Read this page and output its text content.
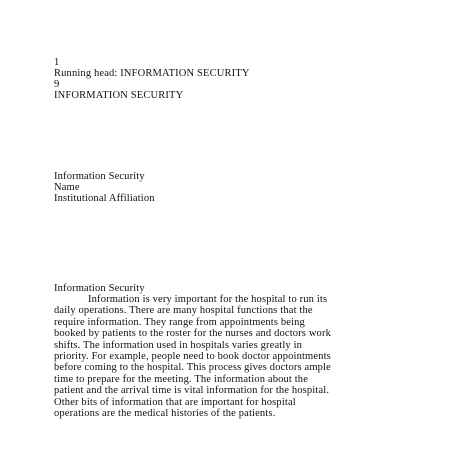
1
Running head: INFORMATION SECURITY
9
INFORMATION SECURITY
Information Security
Name
Institutional Affiliation
Information Security
Information is very important for the hospital to run its
daily operations. There are many hospital functions that the
require information. They range from appointments being
booked by patients to the roster for the nurses and doctors work
shifts. The information used in hospitals varies greatly in
priority. For example, people need to book doctor appointments
before coming to the hospital. This process gives doctors ample
time to prepare for the meeting. The information about the
patient and the arrival time is vital information for the hospital.
Other bits of information that are important for hospital
operations are the medical histories of the patients.
